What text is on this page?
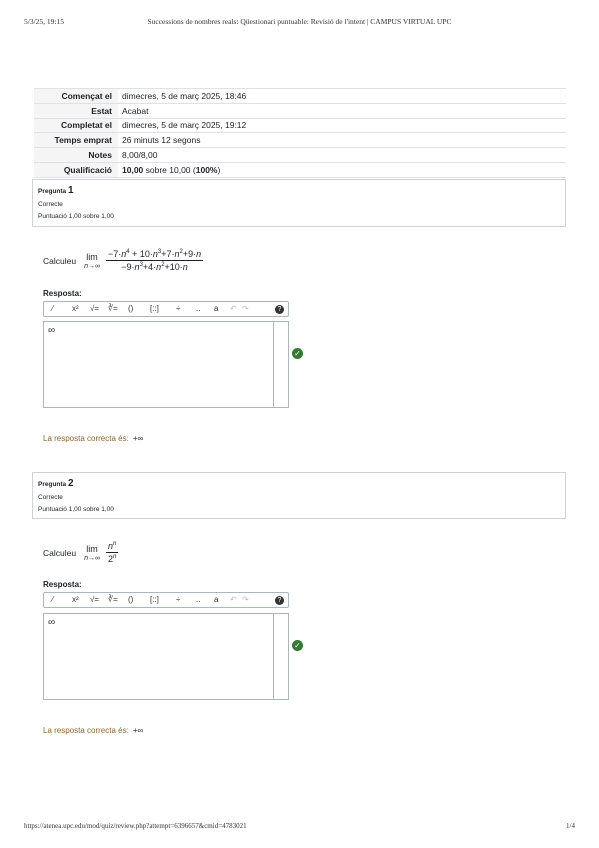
5/3/25, 19:15	Successions de nombres reals: Qüestionari puntuable: Revisió de l'intent | CAMPUS VIRTUAL UPC
Començat el	dimecres, 5 de març 2025, 18:46
Estat	Acabat
Completat el	dimecres, 5 de març 2025, 19:12
Temps emprat	26 minuts 12 segons
Notes	8,00/8,00
Qualificació	10,00 sobre 10,00 (100%)
Pregunta 1
Correcte
Puntuació 1,00 sobre 1,00
Calculeu lim
$n\to\infty \frac{-7\cdot n^4 + 10\cdot n^3+7\cdot n^2+9\cdot n}{-9\cdot n^3+4\cdot n^2+10\cdot n}$
Resposta:
⁄ x² √= ∛= () [::] ÷ .. a ↶ ↷	?
∞
✓
La resposta correcta és: +∞
Pregunta 2
Correcte
Puntuació 1,00 sobre 1,00
Calculeu lim
$n\to\infty \frac{n^n}{2^n}$
Resposta:
⁄ x² √= ∛= () [::] ÷ .. a ↶ ↷	?
∞
✓
La resposta correcta és: +∞
https://atenea.upc.edu/mod/quiz/review.php?attempt=6396657&cmid=4783021	1/4
